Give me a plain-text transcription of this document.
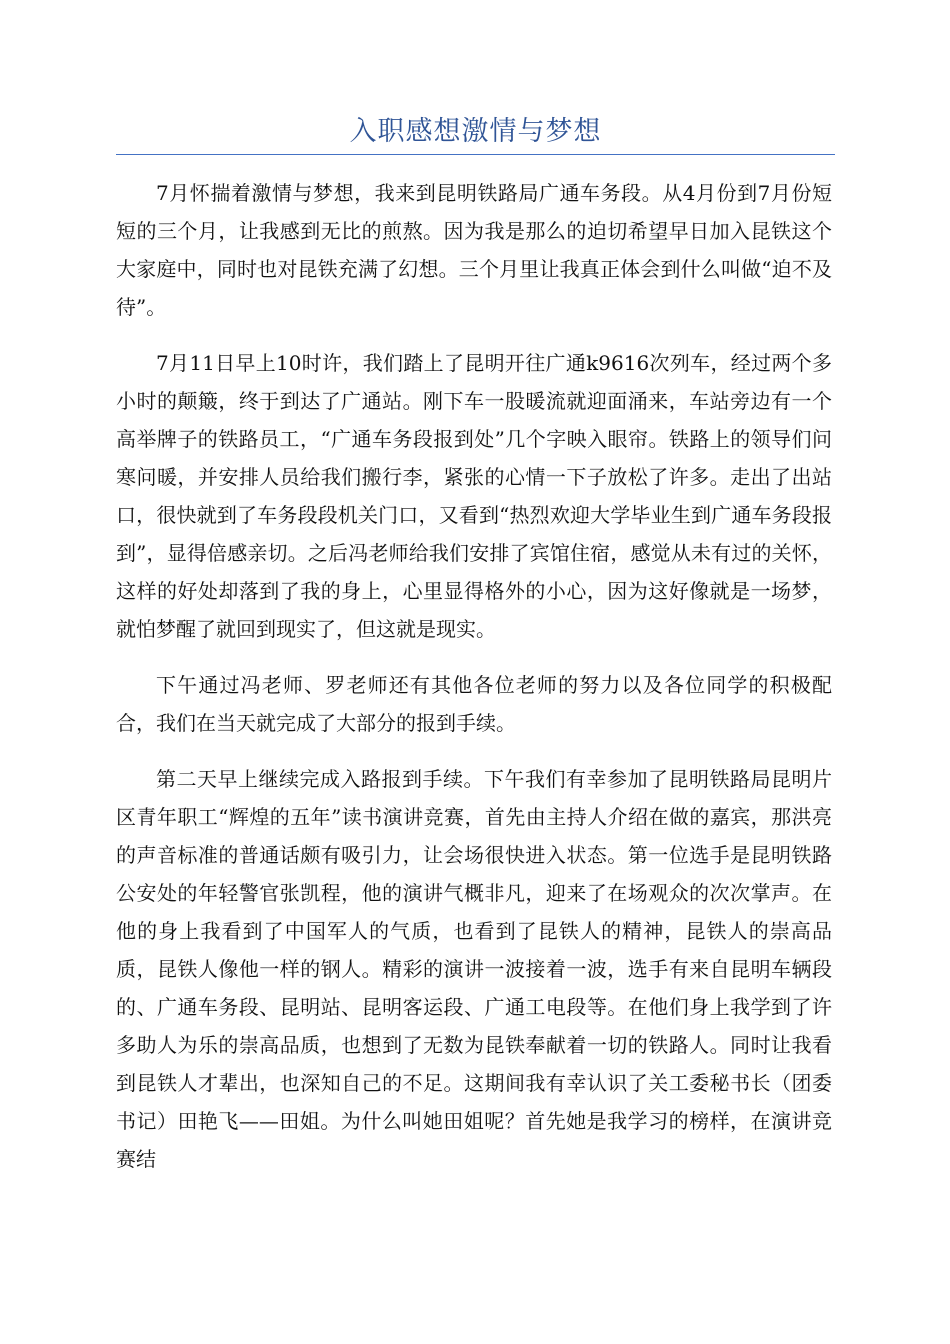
入职感想激情与梦想

7月怀揣着激情与梦想，我来到昆明铁路局广通车务段。从4月份到7月份短短的三个月，让我感到无比的煎熬。因为我是那么的迫切希望早日加入昆铁这个大家庭中，同时也对昆铁充满了幻想。三个月里让我真正体会到什么叫做“迫不及待”。

7月11日早上10时许，我们踏上了昆明开往广通k9616次列车，经过两个多小时的颠簸，终于到达了广通站。刚下车一股暖流就迎面涌来，车站旁边有一个高举牌子的铁路员工，“广通车务段报到处”几个字映入眼帘。铁路上的领导们问寒问暖，并安排人员给我们搬行李，紧张的心情一下子放松了许多。走出了出站口，很快就到了车务段段机关门口，又看到“热烈欢迎大学毕业生到广通车务段报到”，显得倍感亲切。之后冯老师给我们安排了宾馆住宿，感觉从未有过的关怀，这样的好处却落到了我的身上，心里显得格外的小心，因为这好像就是一场梦，就怕梦醒了就回到现实了，但这就是现实。

下午通过冯老师、罗老师还有其他各位老师的努力以及各位同学的积极配合，我们在当天就完成了大部分的报到手续。

第二天早上继续完成入路报到手续。下午我们有幸参加了昆明铁路局昆明片区青年职工“辉煌的五年”读书演讲竞赛，首先由主持人介绍在做的嘉宾，那洪亮的声音标准的普通话颇有吸引力，让会场很快进入状态。第一位选手是昆明铁路公安处的年轻警官张凯程，他的演讲气概非凡，迎来了在场观众的次次掌声。在他的身上我看到了中国军人的气质，也看到了昆铁人的精神，昆铁人的崇高品质，昆铁人像他一样的钢人。精彩的演讲一波接着一波，选手有来自昆明车辆段的、广通车务段、昆明站、昆明客运段、广通工电段等。在他们身上我学到了许多助人为乐的崇高品质，也想到了无数为昆铁奉献着一切的铁路人。同时让我看到昆铁人才辈出，也深知自己的不足。这期间我有幸认识了关工委秘书长（团委书记）田艳飞——田姐。为什么叫她田姐呢？首先她是我学习的榜样，在演讲竞赛结
